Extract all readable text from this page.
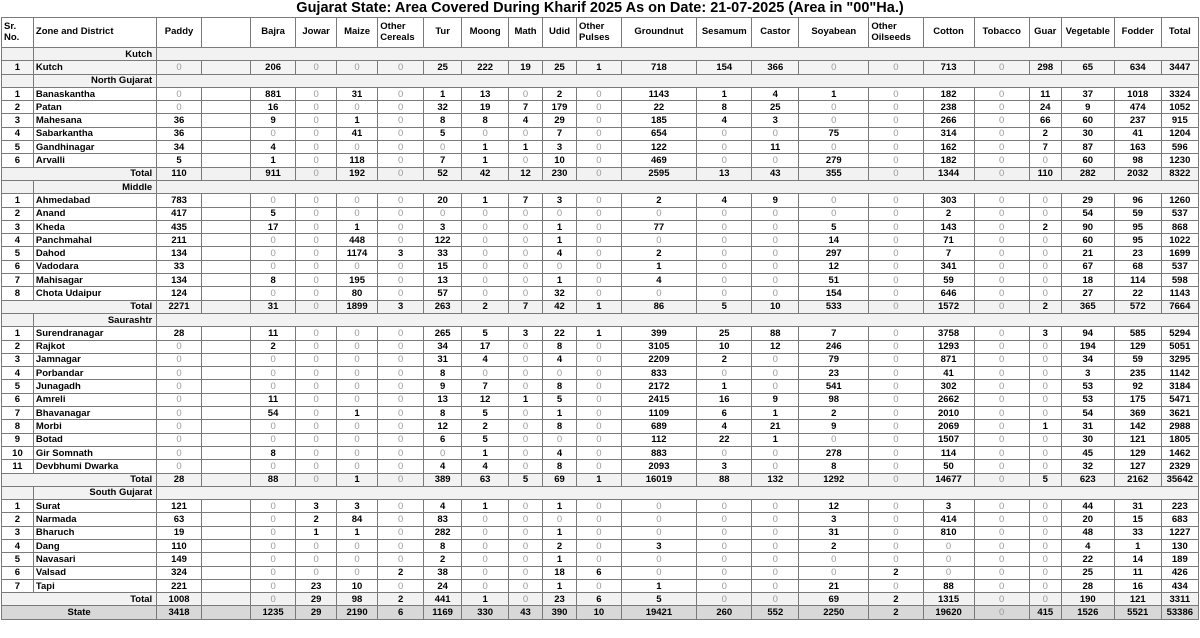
Gujarat State: Area Covered During Kharif 2025 As on Date: 21-07-2025 (Area in "00"Ha.)
Sr. No.	Zone and District	Paddy		Bajra	Jowar	Maize	Other Cereals	Tur	Moong	Math	Udid	Other Pulses	Groundnut	Sesamum	Castor	Soyabean	Other Oilseeds	Cotton	Tobacco	Guar	Vegetable	Fodder	Total
	Kutch																						
1	Kutch	0		206	0	0	0	25	222	19	25	1	718	154	366	0	0	713	0	298	65	634	3447
	North Gujarat																						
1	Banaskantha	0		881	0	31	0	1	13	0	2	0	1143	1	4	1	0	182	0	11	37	1018	3324
2	Patan	0		16	0	0	0	32	19	7	179	0	22	8	25	0	0	238	0	24	9	474	1052
3	Mahesana	36		9	0	1	0	8	8	4	29	0	185	4	3	0	0	266	0	66	60	237	915
4	Sabarkantha	36		0	0	41	0	5	0	0	7	0	654	0	0	75	0	314	0	2	30	41	1204
5	Gandhinagar	34		4	0	0	0	0	1	1	3	0	122	0	11	0	0	162	0	7	87	163	596
6	Arvalli	5		1	0	118	0	7	1	0	10	0	469	0	0	279	0	182	0	0	60	98	1230
Total		110		911	0	192	0	52	42	12	230	0	2595	13	43	355	0	1344	0	110	282	2032	8322
	Middle																						
1	Ahmedabad	783		0	0	0	0	20	1	7	3	0	2	4	9	0	0	303	0	0	29	96	1260
2	Anand	417		5	0	0	0	0	0	0	0	0	0	0	0	0	0	2	0	0	54	59	537
3	Kheda	435		17	0	1	0	3	0	0	1	0	77	0	0	5	0	143	0	2	90	95	868
4	Panchmahal	211		0	0	448	0	122	0	0	1	0	0	0	0	14	0	71	0	0	60	95	1022
5	Dahod	134		0	0	1174	3	33	0	0	4	0	2	0	0	297	0	7	0	0	21	23	1699
6	Vadodara	33		0	0	0	0	15	0	0	0	0	1	0	0	12	0	341	0	0	67	68	537
7	Mahisagar	134		8	0	195	0	13	0	0	1	0	4	0	0	51	0	59	0	0	18	114	598
8	Chota Udaipur	124		0	0	80	0	57	0	0	32	0	0	0	0	154	0	646	0	0	27	22	1143
Total		2271		31	0	1899	3	263	2	7	42	1	86	5	10	533	0	1572	0	2	365	572	7664
	Saurashtr																						
1	Surendranagar	28		11	0	0	0	265	5	3	22	1	399	25	88	7	0	3758	0	3	94	585	5294
2	Rajkot	0		2	0	0	0	34	17	0	8	0	3105	10	12	246	0	1293	0	0	194	129	5051
3	Jamnagar	0		0	0	0	0	31	4	0	4	0	2209	2	0	79	0	871	0	0	34	59	3295
4	Porbandar	0		0	0	0	0	8	0	0	0	0	833	0	0	23	0	41	0	0	3	235	1142
5	Junagadh	0		0	0	0	0	9	7	0	8	0	2172	1	0	541	0	302	0	0	53	92	3184
6	Amreli	0		11	0	0	0	13	12	1	5	0	2415	16	9	98	0	2662	0	0	53	175	5471
7	Bhavanagar	0		54	0	1	0	8	5	0	1	0	1109	6	1	2	0	2010	0	0	54	369	3621
8	Morbi	0		0	0	0	0	12	2	0	8	0	689	4	21	9	0	2069	0	1	31	142	2988
9	Botad	0		0	0	0	0	6	5	0	0	0	112	22	1	0	0	1507	0	0	30	121	1805
10	Gir Somnath	0		8	0	0	0	0	1	0	4	0	883	0	0	278	0	114	0	0	45	129	1462
11	Devbhumi Dwarka	0		0	0	0	0	4	4	0	8	0	2093	3	0	8	0	50	0	0	32	127	2329
Total		28		88	0	1	0	389	63	5	69	1	16019	88	132	1292	0	14677	0	5	623	2162	35642
	South Gujarat																						
1	Surat	121		0	3	3	0	4	1	0	1	0	0	0	0	12	0	3	0	0	44	31	223
2	Narmada	63		0	2	84	0	83	0	0	0	0	0	0	0	3	0	414	0	0	20	15	683
3	Bharuch	19		0	1	1	0	282	0	0	1	0	0	0	0	31	0	810	0	0	48	33	1227
4	Dang	110		0	0	0	0	8	0	0	2	0	3	0	0	2	0	0	0	0	4	1	130
5	Navasari	149		0	0	0	0	2	0	0	1	0	0	0	0	0	0	0	0	0	22	14	189
6	Valsad	324		0	0	0	2	38	0	0	18	6	0	0	0	0	2	0	0	0	25	11	426
7	Tapi	221		0	23	10	0	24	0	0	1	0	1	0	0	21	0	88	0	0	28	16	434
Total		1008		0	29	98	2	441	1	0	23	6	5	0	0	69	2	1315	0	0	190	121	3311
State		3418		1235	29	2190	6	1169	330	43	390	10	19421	260	552	2250	2	19620	0	415	1526	5521	53386
